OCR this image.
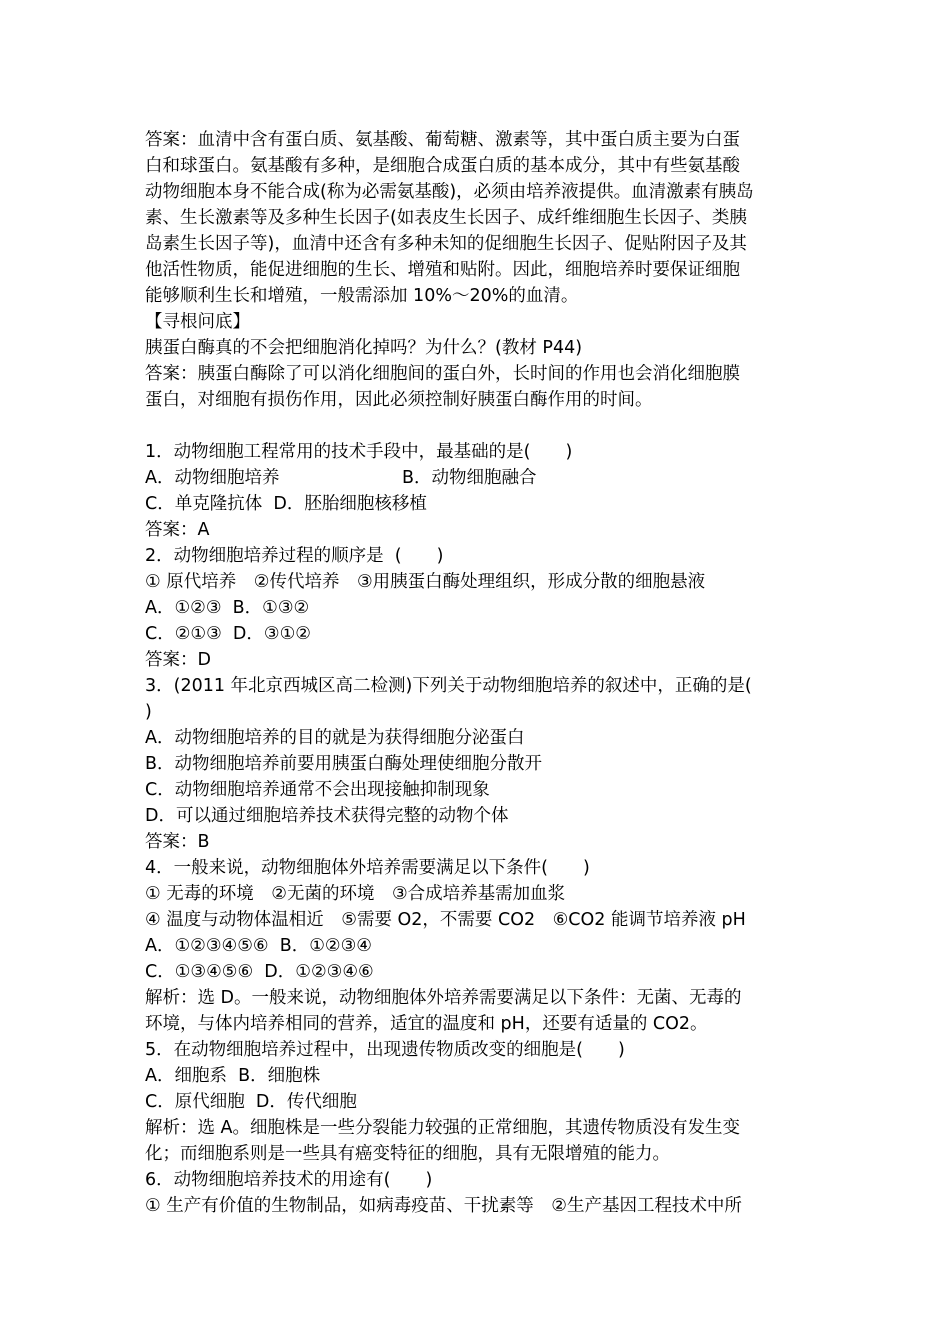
答案：血清中含有蛋白质、氨基酸、葡萄糖、激素等，其中蛋白质主要为白蛋
白和球蛋白。氨基酸有多种，是细胞合成蛋白质的基本成分，其中有些氨基酸
动物细胞本身不能合成(称为必需氨基酸)，必须由培养液提供。血清激素有胰岛
素、生长激素等及多种生长因子(如表皮生长因子、成纤维细胞生长因子、类胰
岛素生长因子等)，血清中还含有多种未知的促细胞生长因子、促贴附因子及其
他活性物质，能促进细胞的生长、增殖和贴附。因此，细胞培养时要保证细胞
能够顺利生长和增殖，一般需添加 10%～20%的血清。
【寻根问底】
胰蛋白酶真的不会把细胞消化掉吗？为什么？(教材 P44)
答案：胰蛋白酶除了可以消化细胞间的蛋白外，长时间的作用也会消化细胞膜
蛋白，对细胞有损伤作用，因此必须控制好胰蛋白酶作用的时间。
1．动物细胞工程常用的技术手段中，最基础的是(　　)
A．动物细胞培养　　　　　　　B．动物细胞融合
C．单克隆抗体  D．胚胎细胞核移植
答案：A
2．动物细胞培养过程的顺序是  (　　)
① 原代培养　②传代培养　③用胰蛋白酶处理组织，形成分散的细胞悬液
A．①②③  B．①③②
C．②①③  D．③①②
答案：D
3．(2011 年北京西城区高二检测)下列关于动物细胞培养的叙述中，正确的是(
)
A．动物细胞培养的目的就是为获得细胞分泌蛋白
B．动物细胞培养前要用胰蛋白酶处理使细胞分散开
C．动物细胞培养通常不会出现接触抑制现象
D．可以通过细胞培养技术获得完整的动物个体
答案：B
4．一般来说，动物细胞体外培养需要满足以下条件(　　)
① 无毒的环境　②无菌的环境　③合成培养基需加血浆
④ 温度与动物体温相近　⑤需要 O2，不需要 CO2　⑥CO2 能调节培养液 pH
A．①②③④⑤⑥  B．①②③④
C．①③④⑤⑥  D．①②③④⑥
解析：选 D。一般来说，动物细胞体外培养需要满足以下条件：无菌、无毒的
环境，与体内培养相同的营养，适宜的温度和 pH，还要有适量的 CO2。
5．在动物细胞培养过程中，出现遗传物质改变的细胞是(　　)
A．细胞系  B．细胞株
C．原代细胞  D．传代细胞
解析：选 A。细胞株是一些分裂能力较强的正常细胞，其遗传物质没有发生变
化；而细胞系则是一些具有癌变特征的细胞，具有无限增殖的能力。
6．动物细胞培养技术的用途有(　　)
① 生产有价值的生物制品，如病毒疫苗、干扰素等　②生产基因工程技术中所
